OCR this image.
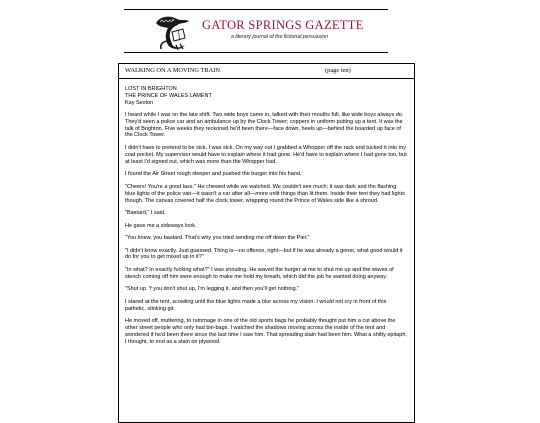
GATOR SPRINGS GAZETTE
a literary journal of the fictional persuasion
WALKING ON A MOVING TRAIN	(page ten)
LOST IN BRIGHTON
THE PRINCE OF WALES LAMENT
Kay Sexton

I heard while I was on the late shift. Two wide boys came in, talked with their mouths full, like wide boys always do. They'd seen a police car and an ambulance up by the Clock Tower; coppers in uniform putting up a tent. It was the talk of Brighton. Five weeks they reckoned he'd been there—face down, heels up—behind the boarded up face of the Clock Tower.

I didn't have to pretend to be sick, I was sick. On my way out I grabbed a Whopper off the rack and tucked it into my coat pocket. My supervisor would have to explain where it had gone. He'd have to explain where I had gone too, but at least I'd signed out, which was more than the Whopper had.

I found the Air Street rough sleeper and pushed the burger into his hand.

"Cheers! You're a good lass." He chewed while we watched. We couldn't see much; it was dark and the flashing blue lights of the police van—it wasn't a car after all—more unlit things than lit them. Inside their tent they had lights though. The canvas covered half the clock tower, wrapping round the Prince of Wales side like a shroud.

"Bastard," I said.

He gave me a sideways look.

"You knew, you bastard. That's why you tried sending me off down the Pier."

"I didn't know exactly. Just guessed. Thing is—no offence, right—but if he was already a goner, what good would it do for you to get mixed up in it?"

"In what? In exactly fucking what?" I was shouting. He waved the burger at me to shut me up and the waves of stench coming off him were enough to make me hold my breath, which did the job he wanted doing anyway.

"Shut up. 'f you don't shut up, I'm legging it, and then you'll get nothing."

I stared at the tent, scowling until the blue lights made a blur across my vision. I would not cry in front of this pathetic, stinking git.

He moved off, muttering, to rummage in one of the old sports bags he probably thought put him a cut above the other street people who only had bin-bags. I watched the shadows moving across the inside of the tent and wondered if he'd been there since the last time I saw him. That spreading stain had been him. What a shitty epitaph, I thought, to end as a stain on plywood.
